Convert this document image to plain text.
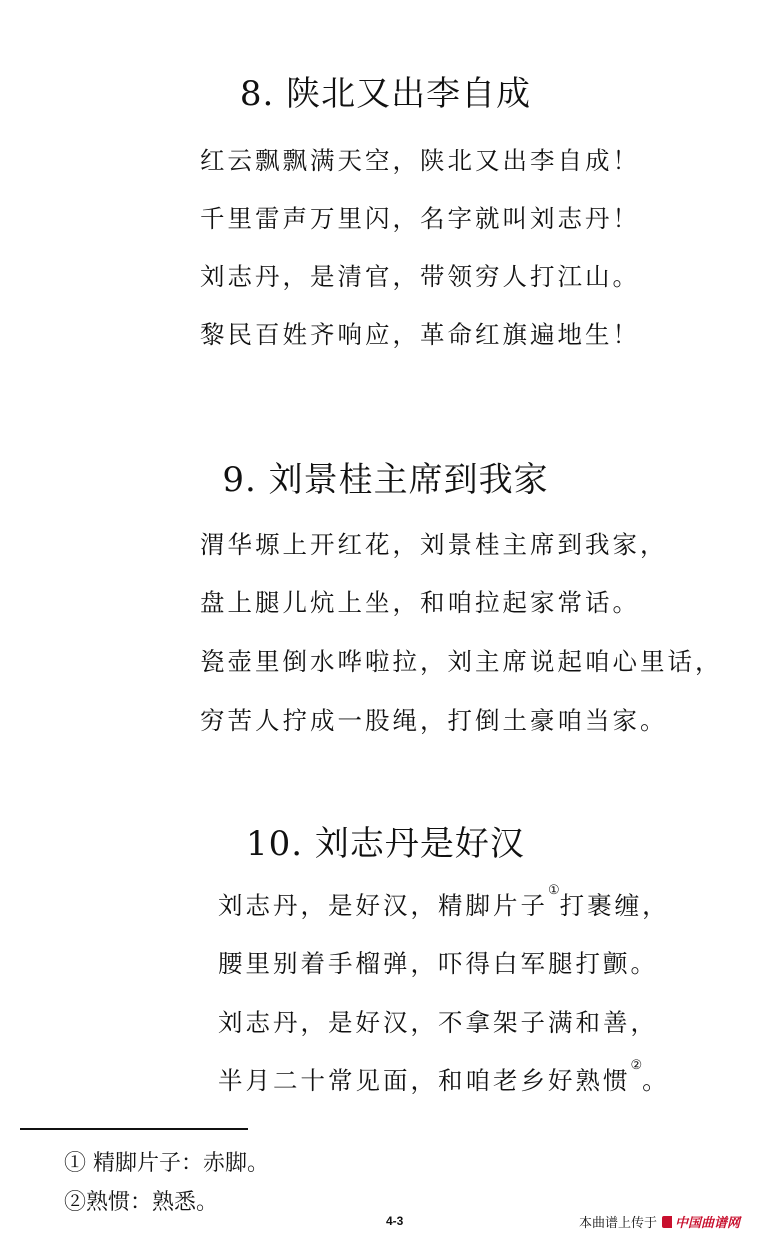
8. 陕北又出李自成
红云飘飘满天空，陕北又出李自成！
千里雷声万里闪，名字就叫刘志丹！
刘志丹，是清官，带领穷人打江山。
黎民百姓齐响应，革命红旗遍地生！
9. 刘景桂主席到我家
渭华塬上开红花，刘景桂主席到我家，
盘上腿儿炕上坐，和咱拉起家常话。
瓷壶里倒水哗啦拉，刘主席说起咱心里话，
穷苦人拧成一股绳，打倒土豪咱当家。
10. 刘志丹是好汉
刘志丹，是好汉，精脚片子①打裹缠，
腰里别着手榴弹，吓得白军腿打颤。
刘志丹，是好汉，不拿架子满和善，
半月二十常见面，和咱老乡好熟惯②。
① 精脚片子：赤脚。
②熟惯：熟悉。
4-3	本曲谱上传于 中国曲谱网
